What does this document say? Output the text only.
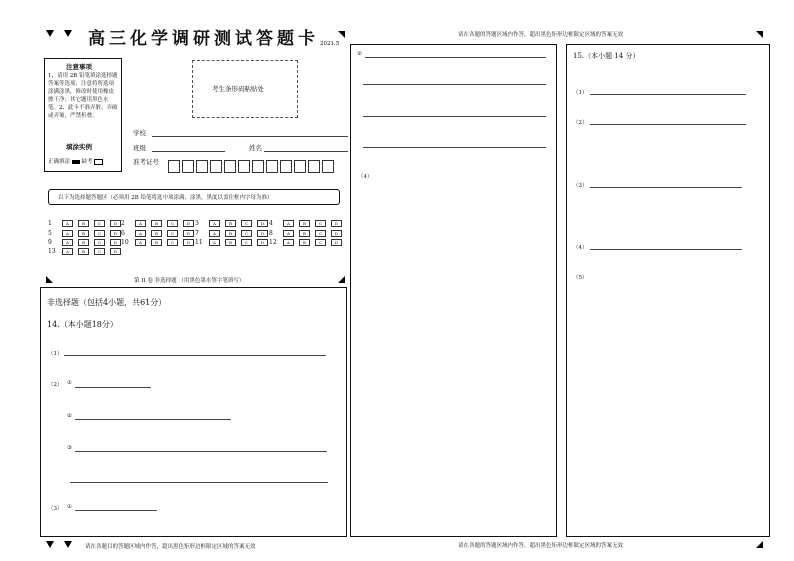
高三化学调研测试答题卡 2021.5
请在各题的答题区域内作答，超出黑色矩形边框限定区域的答案无效
注意事项
1、请用 2B 铅笔填涂选择题答案等选项；注意将所选项涂满涂黑，修改时使用橡皮擦干净；其它题用黑色水笔。2、此卡不准弄脏、弄破或弄皱，严禁折叠。
填涂实例
正确填涂 缺考
考生条形码粘贴处
学校
班级	姓名
准考证号
以下为选择题答题区（必须用 2B 铅笔将选中项涂满、涂黑，黑度以盖住框内字母为准）
1	A	B	C	D 2	A	B	C	D 3	A	B	C	D 4	A	B	C	D
5	A	B	C	D 6	A	B	C	D 7	A	B	C	D 8	A	B	C	D
9	A	B	C	D 10	A	B	C	D 11	A	B	C	D 12	A	B	C	D
13	A	B	C	D
第 II 卷 非选择题 （用黑色墨水签字笔填写）
非选择题（包括4小题，共61分）
14.（本小题18分）
（1）
（2） ①
②
③
（3） ①
请在各题目的答题区域内作答，超出黑色矩形边框限定区域的答案无效
②
（4）
15.（本小题 14 分）
（1）
（2）
（3）
（4）
（5）
请在各题的答题区域内作答，超出黑色矩形边框限定区域的答案无效
